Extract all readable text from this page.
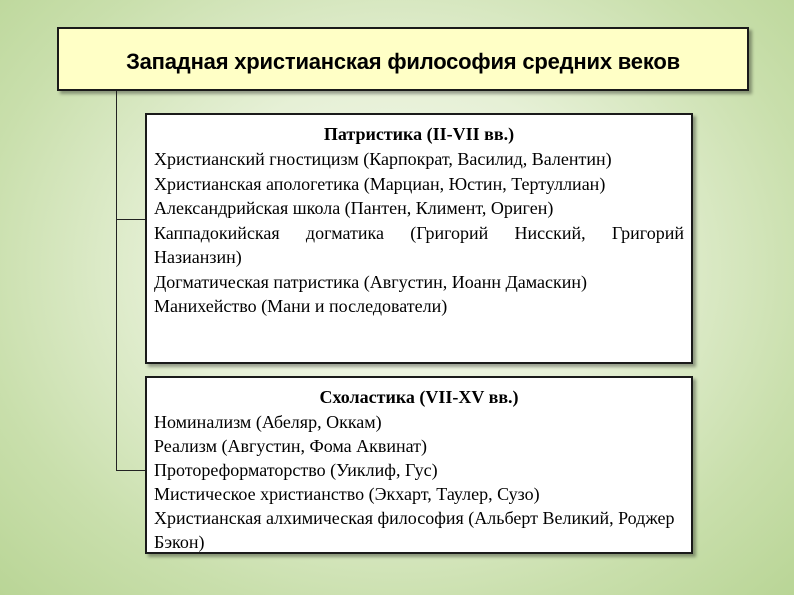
Западная христианская философия средних веков
Патристика (II-VII вв.)
Христианский гностицизм (Карпократ, Василид, Валентин)
Христианская апологетика (Марциан, Юстин, Тертуллиан)
Александрийская школа (Пантен, Климент, Ориген)
Каппадокийская догматика (Григорий Нисский, Григорий Назианзин)
Догматическая патристика (Августин, Иоанн Дамаскин)
Манихейство (Мани и последователи)
Схоластика (VII-XV вв.)
Номинализм (Абеляр, Оккам)
Реализм (Августин, Фома Аквинат)
Протореформаторство (Уиклиф, Гус)
Мистическое христианство (Экхарт, Таулер, Сузо)
Христианская алхимическая философия (Альберт Великий, Роджер Бэкон)
